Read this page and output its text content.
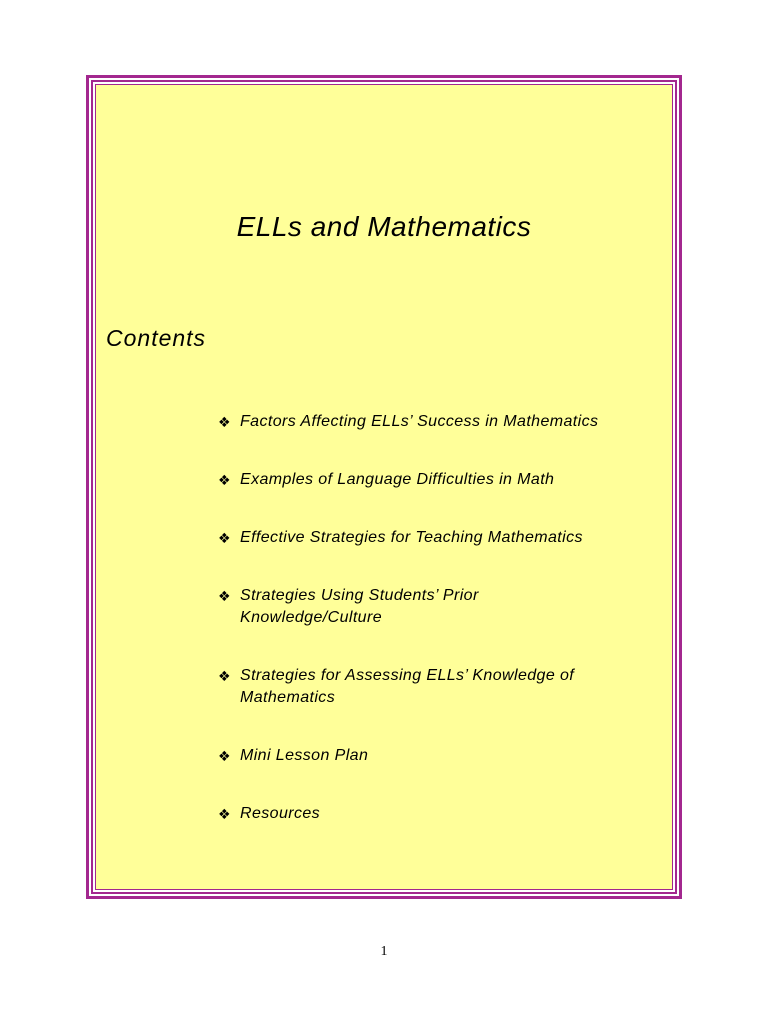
ELLs and Mathematics
Contents
❖ Factors Affecting ELLs’ Success in Mathematics
❖ Examples of Language Difficulties in Math
❖ Effective Strategies for Teaching Mathematics
❖ Strategies Using Students’ Prior Knowledge/Culture
❖ Strategies for Assessing ELLs’ Knowledge of Mathematics
❖ Mini Lesson Plan
❖ Resources
1
